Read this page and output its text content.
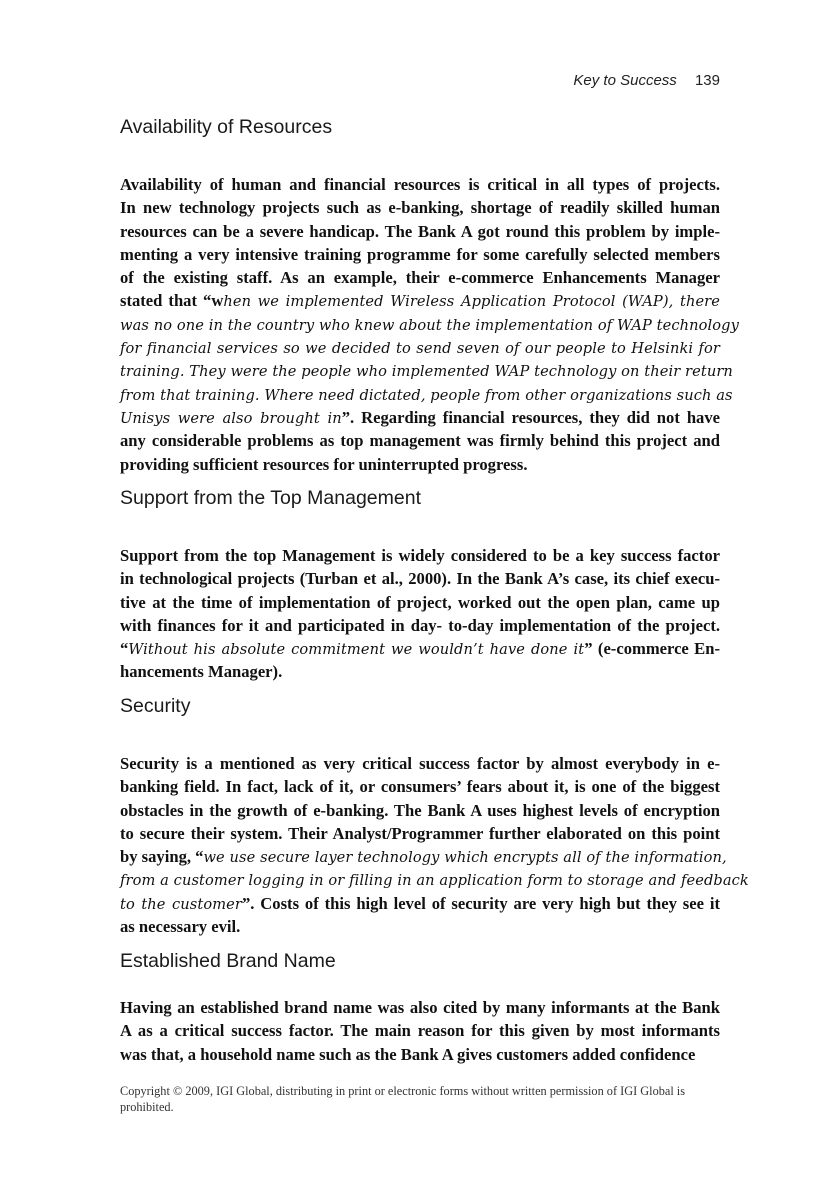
Key to Success 139
Availability of Resources
Availability of human and financial resources is critical in all types of projects.
In new technology projects such as e-banking, shortage of readily skilled human
resources can be a severe handicap. The Bank A got round this problem by imple-
menting a very intensive training programme for some carefully selected members
of the existing staff. As an example, their e-commerce Enhancements Manager
stated that “when we implemented Wireless Application Protocol (WAP), there
was no one in the country who knew about the implementation of WAP technology
for financial services so we decided to send seven of our people to Helsinki for
training. They were the people who implemented WAP technology on their return
from that training. Where need dictated, people from other organizations such as
Unisys were also brought in”. Regarding financial resources, they did not have
any considerable problems as top management was firmly behind this project and
providing sufficient resources for uninterrupted progress.
Support from the Top Management
Support from the top Management is widely considered to be a key success factor
in technological projects (Turban et al., 2000). In the Bank A’s case, its chief execu-
tive at the time of implementation of project, worked out the open plan, came up
with finances for it and participated in day- to-day implementation of the project.
“Without his absolute commitment we wouldn’t have done it” (e-commerce En-
hancements Manager).
Security
Security is a mentioned as very critical success factor by almost everybody in e-
banking field. In fact, lack of it, or consumers’ fears about it, is one of the biggest
obstacles in the growth of e-banking. The Bank A uses highest levels of encryption
to secure their system. Their Analyst/Programmer further elaborated on this point
by saying, “we use secure layer technology which encrypts all of the information,
from a customer logging in or filling in an application form to storage and feedback
to the customer”. Costs of this high level of security are very high but they see it
as necessary evil.
Established Brand Name
Having an established brand name was also cited by many informants at the Bank
A as a critical success factor. The main reason for this given by most informants
was that, a household name such as the Bank A gives customers added confidence
Copyright © 2009, IGI Global, distributing in print or electronic forms without written permission of IGI Global is prohibited.
